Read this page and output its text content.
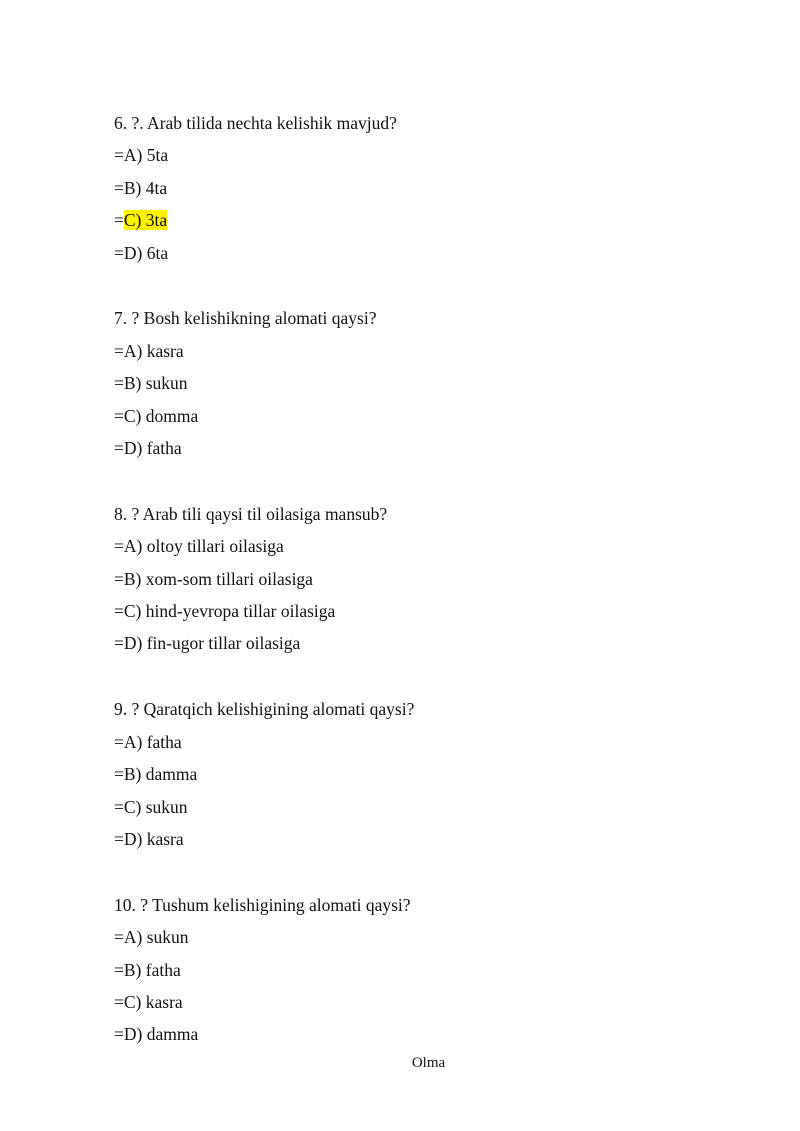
6. ?. Arab tilida nechta kelishik mavjud?
=A) 5ta
=B) 4ta
=C) 3ta
=D) 6ta
7. ? Bosh kelishikning alomati qaysi?
=A) kasra
=B) sukun
=C) domma
=D) fatha
8. ? Arab tili qaysi til oilasiga mansub?
=A) oltoy tillari oilasiga
=B) xom-som tillari oilasiga
=C) hind-yevropa tillar oilasiga
=D) fin-ugor tillar oilasiga
9. ? Qaratqich kelishigining alomati qaysi?
=A) fatha
=B) damma
=C) sukun
=D) kasra
10. ? Tushum kelishigining alomati qaysi?
=A) sukun
=B) fatha
=C) kasra
=D) damma
Olma
